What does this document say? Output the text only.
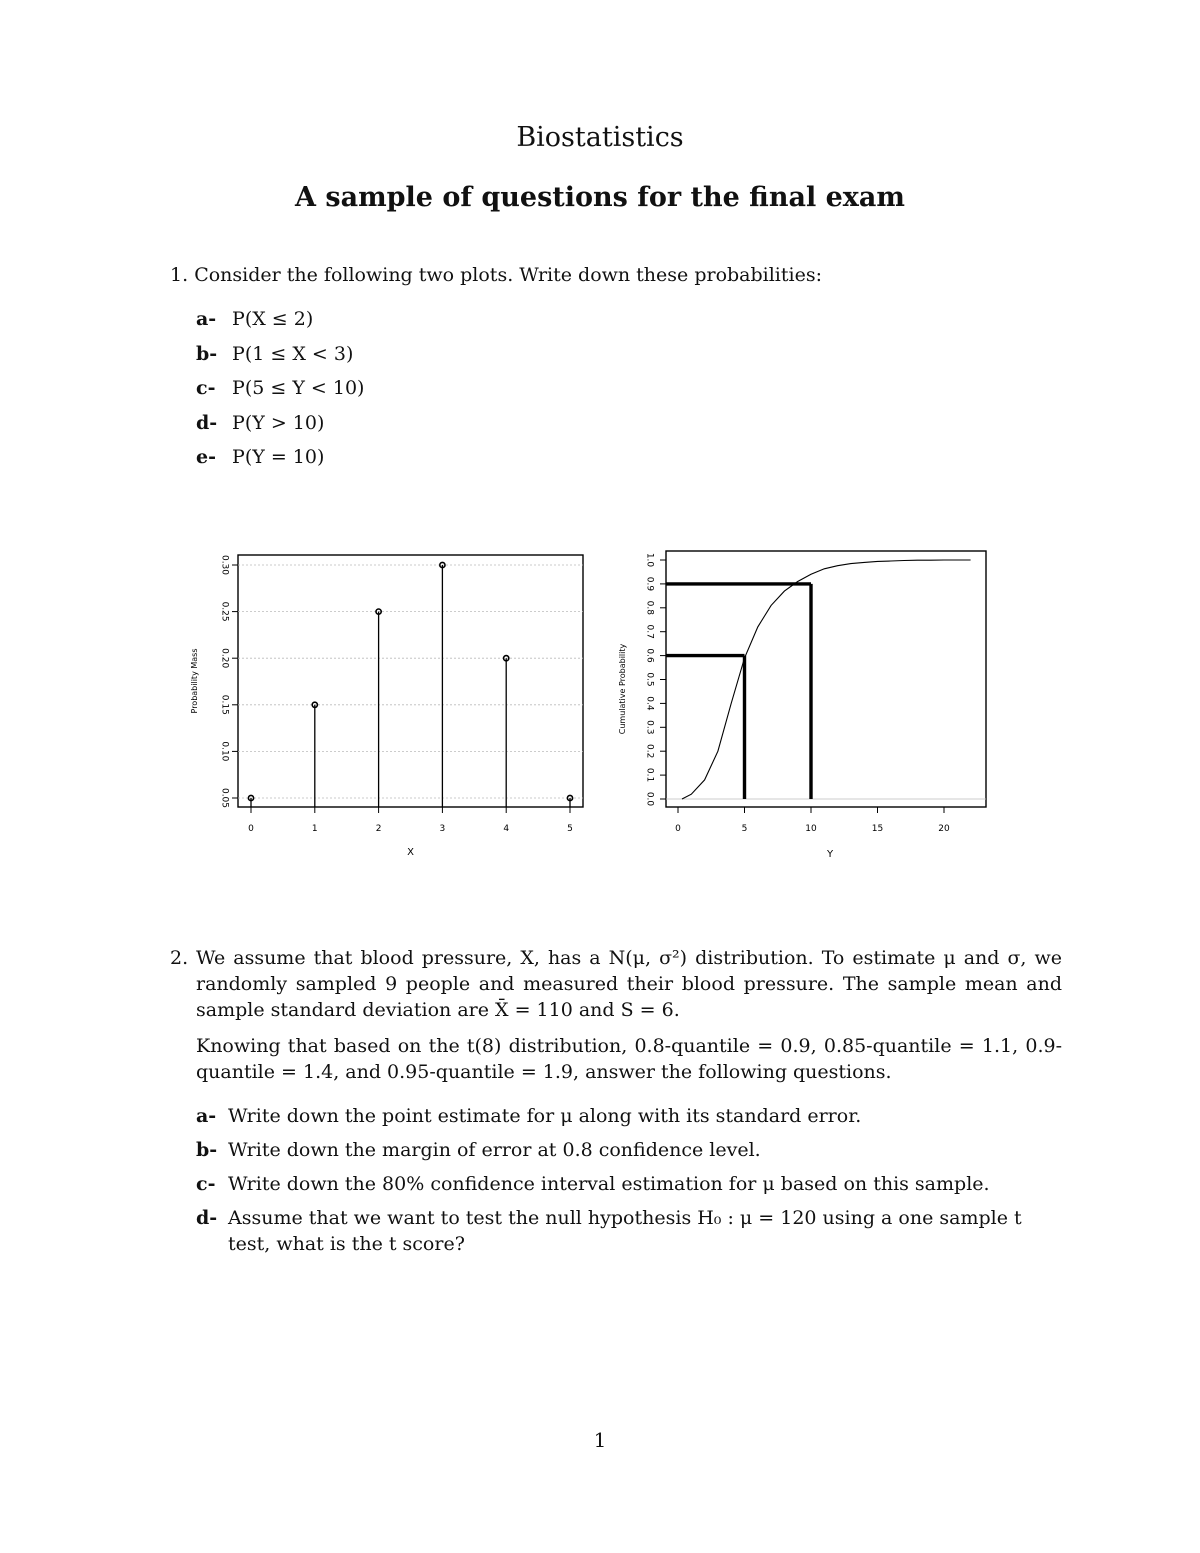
Biostatistics
A sample of questions for the final exam
1. Consider the following two plots. Write down these probabilities:
a- P(X ≤ 2)
b- P(1 ≤ X < 3)
c- P(5 ≤ Y < 10)
d- P(Y > 10)
e- P(Y = 10)
0	1	2	3	4	5
0.05
0.10
0.15
0.20
0.25
0.30
X
Probability Mass
0	5	10	15	20
0.0
0.1
0.2
0.3
0.4
0.5
0.6
0.7
0.8
0.9
1.0
Y
Cumulative Probability
2. We assume that blood pressure, X, has a N(μ, σ²) distribution. To estimate μ and σ, we randomly sampled 9 people and measured their blood pressure. The sample mean and sample standard deviation are X̄ = 110 and S = 6.

Knowing that based on the t(8) distribution, 0.8-quantile = 0.9, 0.85-quantile = 1.1, 0.9-quantile = 1.4, and 0.95-quantile = 1.9, answer the following questions.

a- Write down the point estimate for μ along with its standard error.
b- Write down the margin of error at 0.8 confidence level.
c- Write down the 80% confidence interval estimation for μ based on this sample.
d- Assume that we want to test the null hypothesis H₀ : μ = 120 using a one sample t test, what is the t score?
1
